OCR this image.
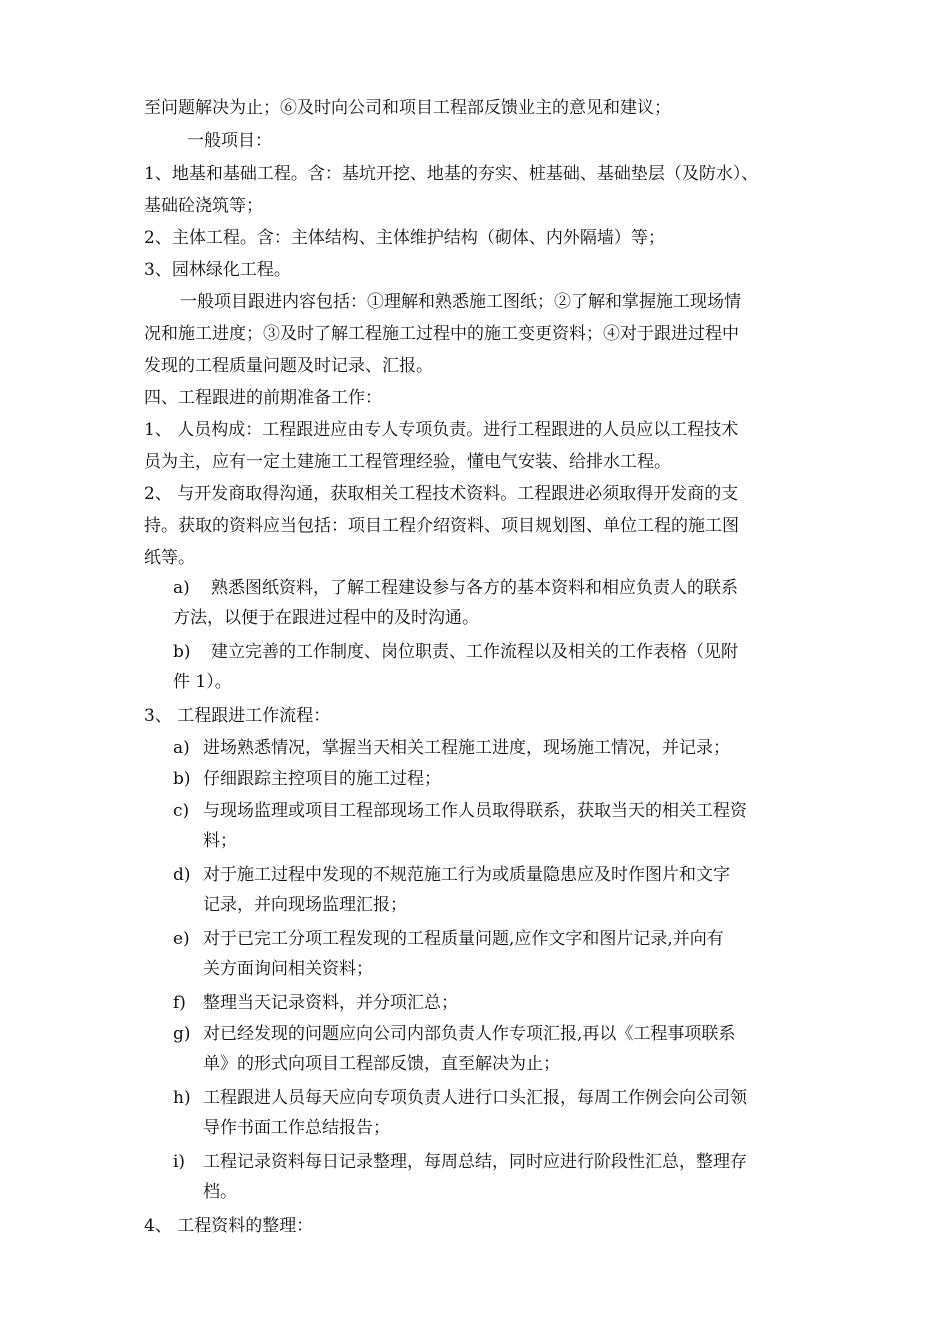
至问题解决为止；⑥及时向公司和项目工程部反馈业主的意见和建议；
一般项目：
1、地基和基础工程。含：基坑开挖、地基的夯实、桩基础、基础垫层（及防水）、
基础砼浇筑等；
2、主体工程。含：主体结构、主体维护结构（砌体、内外隔墙）等；
3、园林绿化工程。
一般项目跟进内容包括：①理解和熟悉施工图纸；②了解和掌握施工现场情
况和施工进度；③及时了解工程施工过程中的施工变更资料；④对于跟进过程中
发现的工程质量问题及时记录、汇报。
四、工程跟进的前期准备工作：
1、 人员构成：工程跟进应由专人专项负责。进行工程跟进的人员应以工程技术
员为主，应有一定土建施工工程管理经验，懂电气安装、给排水工程。
2、 与开发商取得沟通，获取相关工程技术资料。工程跟进必须取得开发商的支
持。获取的资料应当包括：项目工程介绍资料、项目规划图、单位工程的施工图
纸等。
a) 熟悉图纸资料，了解工程建设参与各方的基本资料和相应负责人的联系
方法，以便于在跟进过程中的及时沟通。
b) 建立完善的工作制度、岗位职责、工作流程以及相关的工作表格（见附
件 1）。
3、 工程跟进工作流程：
a) 进场熟悉情况，掌握当天相关工程施工进度，现场施工情况，并记录；
b) 仔细跟踪主控项目的施工过程；
c) 与现场监理或项目工程部现场工作人员取得联系，获取当天的相关工程资
料；
d) 对于施工过程中发现的不规范施工行为或质量隐患应及时作图片和文字
记录，并向现场监理汇报；
e) 对于已完工分项工程发现的工程质量问题,应作文字和图片记录,并向有
关方面询问相关资料；
f) 整理当天记录资料，并分项汇总；
g) 对已经发现的问题应向公司内部负责人作专项汇报,再以《工程事项联系
单》的形式向项目工程部反馈，直至解决为止；
h) 工程跟进人员每天应向专项负责人进行口头汇报，每周工作例会向公司领
导作书面工作总结报告；
i) 工程记录资料每日记录整理，每周总结，同时应进行阶段性汇总，整理存
档。
4、 工程资料的整理：
